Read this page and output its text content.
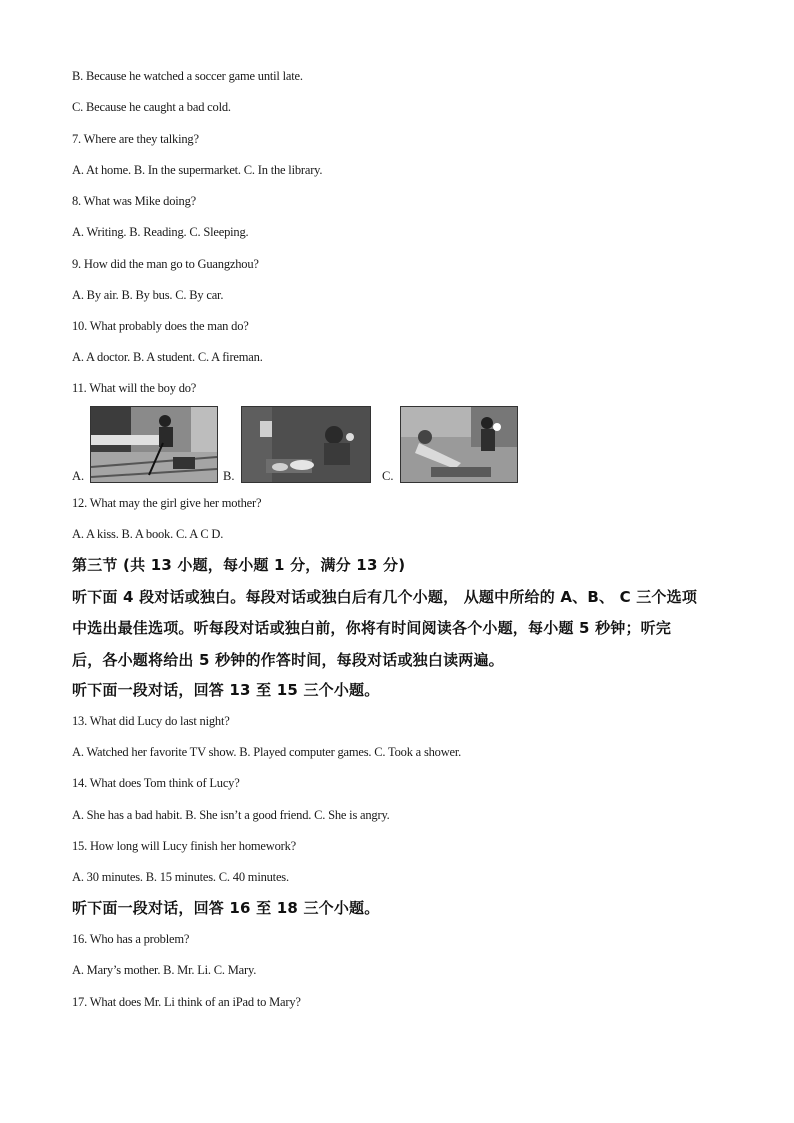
B. Because he watched a soccer game until late.
C. Because he caught a bad cold.
7. Where are they talking?
A. At home. B. In the supermarket. C. In the library.
8. What was Mike doing?
A. Writing. B. Reading. C. Sleeping.
9. How did the man go to Guangzhou?
A. By air. B. By bus. C. By car.
10. What probably does the man do?
A. A doctor. B. A student. C. A fireman.
11. What will the boy do?
A.	B.	C.
12. What may the girl give her mother?
A. A kiss. B. A book. C. A C D.
第三节 (共 13 小题，每小题 1 分，满分 13 分)
听下面 4 段对话或独白。每段对话或独白后有几个小题， 从题中所给的 A、B、 C 三个选项
中选出最佳选项。听每段对话或独白前，你将有时间阅读各个小题，每小题 5 秒钟；听完
后，各小题将给出 5 秒钟的作答时间，每段对话或独白读两遍。
听下面一段对话，回答 13 至 15 三个小题。
13. What did Lucy do last night?
A. Watched her favorite TV show. B. Played computer games. C. Took a shower.
14. What does Tom think of Lucy?
A. She has a bad habit. B. She isn’t a good friend. C. She is angry.
15. How long will Lucy finish her homework?
A. 30 minutes. B. 15 minutes. C. 40 minutes.
听下面一段对话，回答 16 至 18 三个小题。
16. Who has a problem?
A. Mary’s mother. B. Mr. Li. C. Mary.
17. What does Mr. Li think of an iPad to Mary?
